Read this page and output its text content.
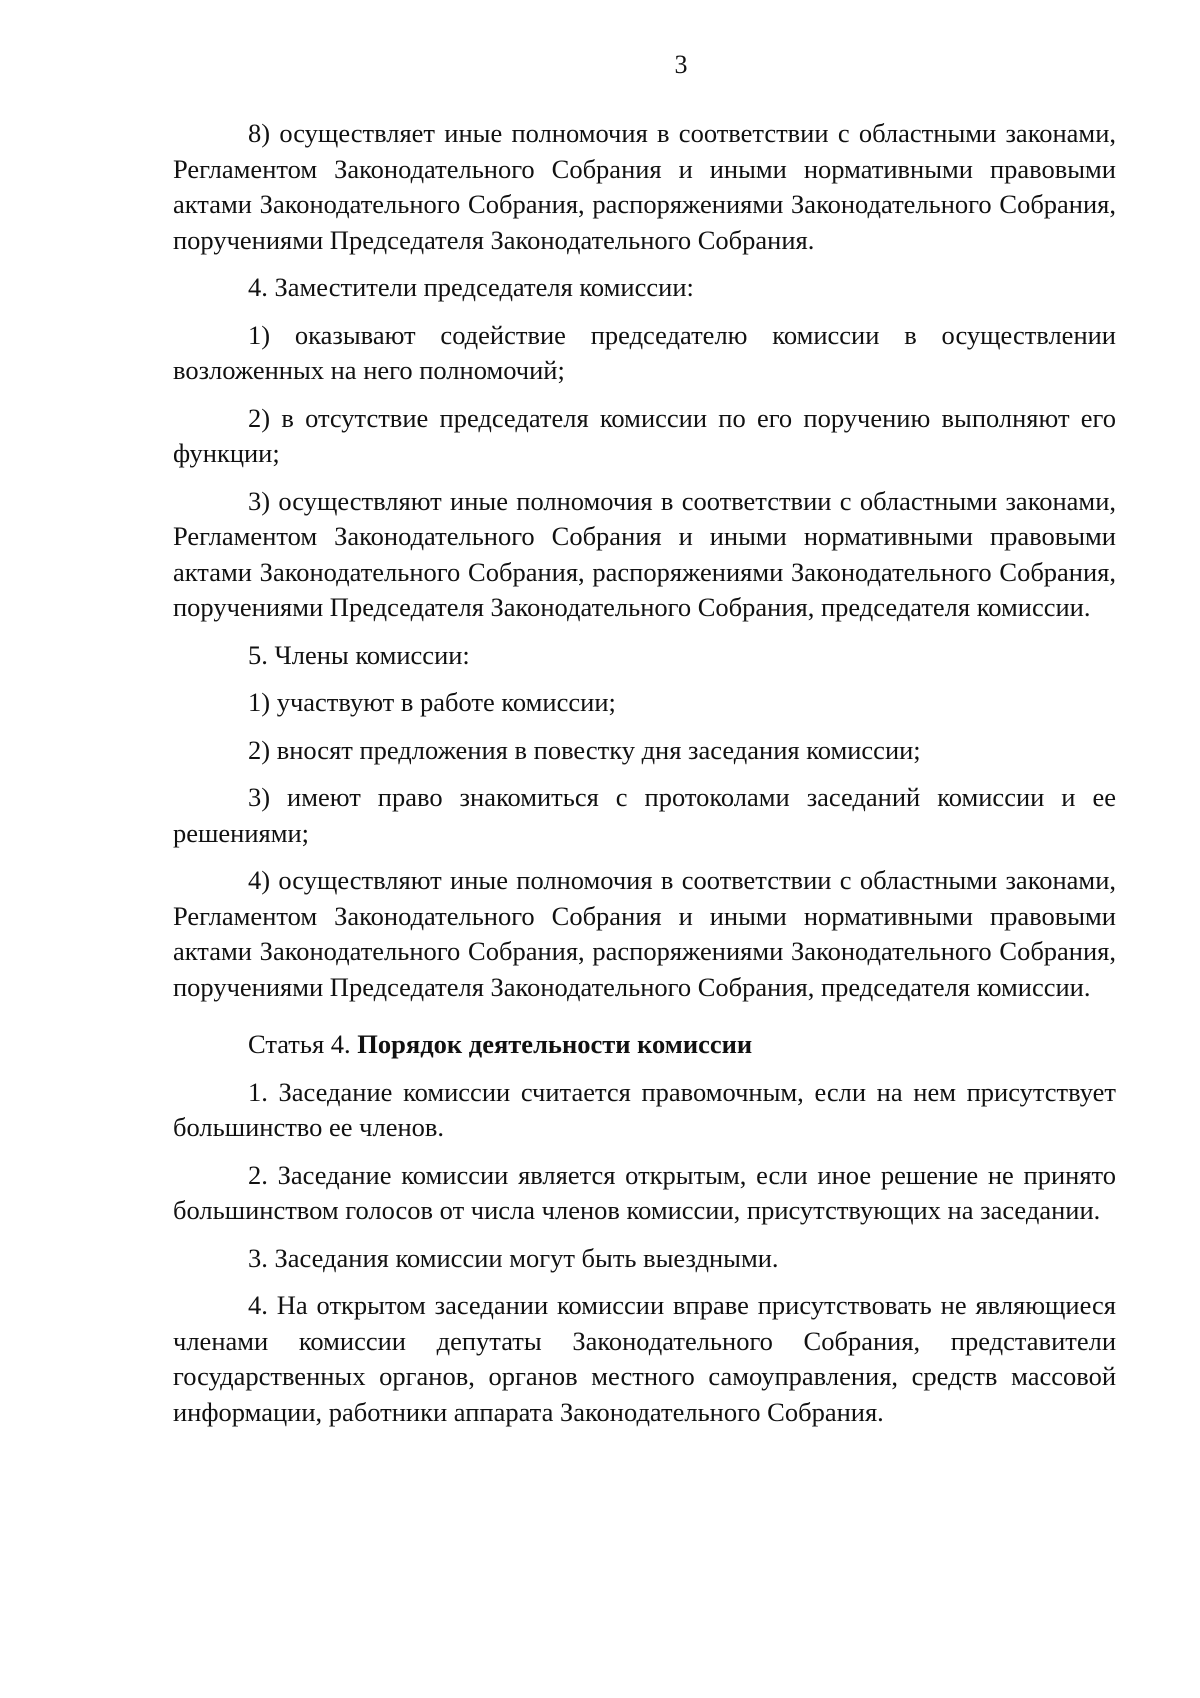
3

8) осуществляет иные полномочия в соответствии с областными законами, Регламентом Законодательного Собрания и иными нормативными правовыми актами Законодательного Собрания, распоряжениями Законодательного Собрания, поручениями Председателя Законодательного Собрания.

4. Заместители председателя комиссии:

1) оказывают содействие председателю комиссии в осуществлении возложенных на него полномочий;

2) в отсутствие председателя комиссии по его поручению выполняют его функции;

3) осуществляют иные полномочия в соответствии с областными законами, Регламентом Законодательного Собрания и иными нормативными правовыми актами Законодательного Собрания, распоряжениями Законодательного Собрания, поручениями Председателя Законодательного Собрания, председателя комиссии.

5. Члены комиссии:

1) участвуют в работе комиссии;

2) вносят предложения в повестку дня заседания комиссии;

3) имеют право знакомиться с протоколами заседаний комиссии и ее решениями;

4) осуществляют иные полномочия в соответствии с областными законами, Регламентом Законодательного Собрания и иными нормативными правовыми актами Законодательного Собрания, распоряжениями Законодательного Собрания, поручениями Председателя Законодательного Собрания, председателя комиссии.

Статья 4. Порядок деятельности комиссии

1. Заседание комиссии считается правомочным, если на нем присутствует большинство ее членов.

2. Заседание комиссии является открытым, если иное решение не принято большинством голосов от числа членов комиссии, присутствующих на заседании.

3. Заседания комиссии могут быть выездными.

4. На открытом заседании комиссии вправе присутствовать не являющиеся членами комиссии депутаты Законодательного Собрания, представители государственных органов, органов местного самоуправления, средств массовой информации, работники аппарата Законодательного Собрания.
